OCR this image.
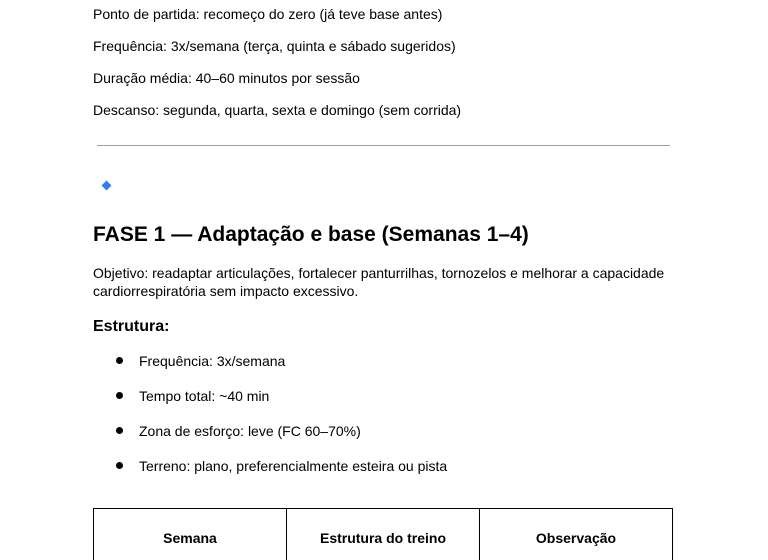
Ponto de partida: recomeço do zero (já teve base antes)
Frequência: 3x/semana (terça, quinta e sábado sugeridos)
Duração média: 40–60 minutos por sessão
Descanso: segunda, quarta, sexta e domingo (sem corrida)
FASE 1 — Adaptação e base (Semanas 1–4)
Objetivo: readaptar articulações, fortalecer panturrilhas, tornozelos e melhorar a capacidade cardiorrespiratória sem impacto excessivo.
Estrutura:
Frequência: 3x/semana
Tempo total: ~40 min
Zona de esforço: leve (FC 60–70%)
Terreno: plano, preferencialmente esteira ou pista
Semana	Estrutura do treino	Observação
